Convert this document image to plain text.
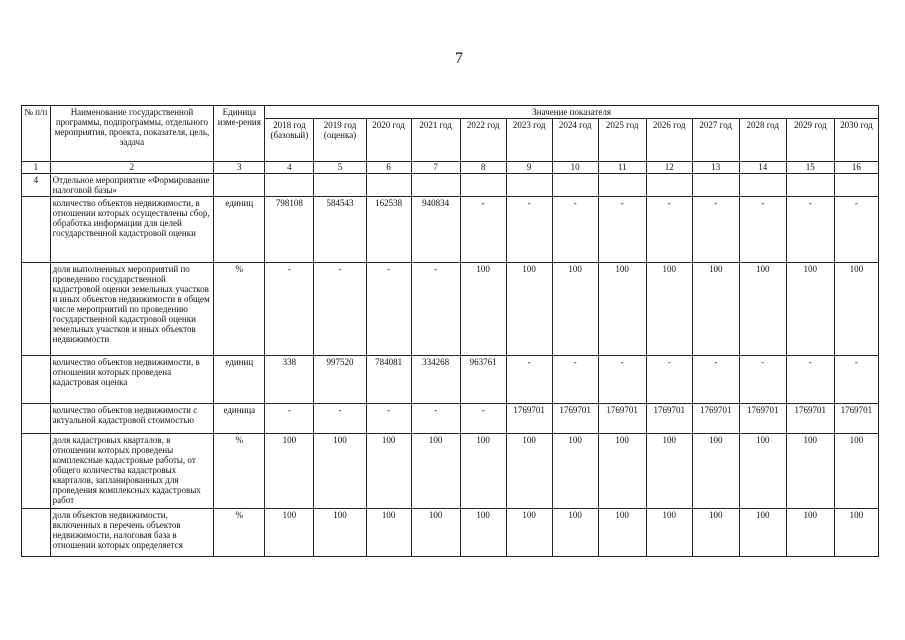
7
№ п/п	Наименование государственной программы, подпрограммы, отдельного мероприятия, проекта, показателя, цель, задача	Единица изме-рения	Значение показателя												
			2018 год (базовый)	2019 год (оценка)	2020 год	2021 год	2022 год	2023 год	2024 год	2025 год	2026 год	2027 год	2028 год	2029 год	2030 год
1	2	3	4	5	6	7	8	9	10	11	12	13	14	15	16
4	Отдельное мероприятие «Формирование налоговой базы»														
	количество объектов недвижимости, в отношении которых осуществлены сбор, обработка информации для целей государственной кадастровой оценки	единиц	798108	584543	162538	940834	-	-	-	-	-	-	-	-	-
	доля выполненных мероприятий по проведению государственной кадастровой оценки земельных участков и иных объектов недвижимости в общем числе мероприятий по проведению государственной кадастровой оценки земельных участков и иных объектов недвижимости	%	-	-	-	-	100	100	100	100	100	100	100	100	100
	количество объектов недвижимости, в отношении которых проведена кадастровая оценка	единиц	338	997520	784081	334268	963761	-	-	-	-	-	-	-	-
	количество объектов недвижимости с актуальной кадастровой стоимостью	единица	-	-	-	-	-	1769701	1769701	1769701	1769701	1769701	1769701	1769701	1769701
	доля кадастровых кварталов, в отношении которых проведены комплексные кадастровые работы, от общего количества кадастровых кварталов, запланированных для проведения комплексных кадастровых работ	%	100	100	100	100	100	100	100	100	100	100	100	100	100
	доля объектов недвижимости, включенных в перечень объектов недвижимости, налоговая база в отношении которых определяется	%	100	100	100	100	100	100	100	100	100	100	100	100	100
